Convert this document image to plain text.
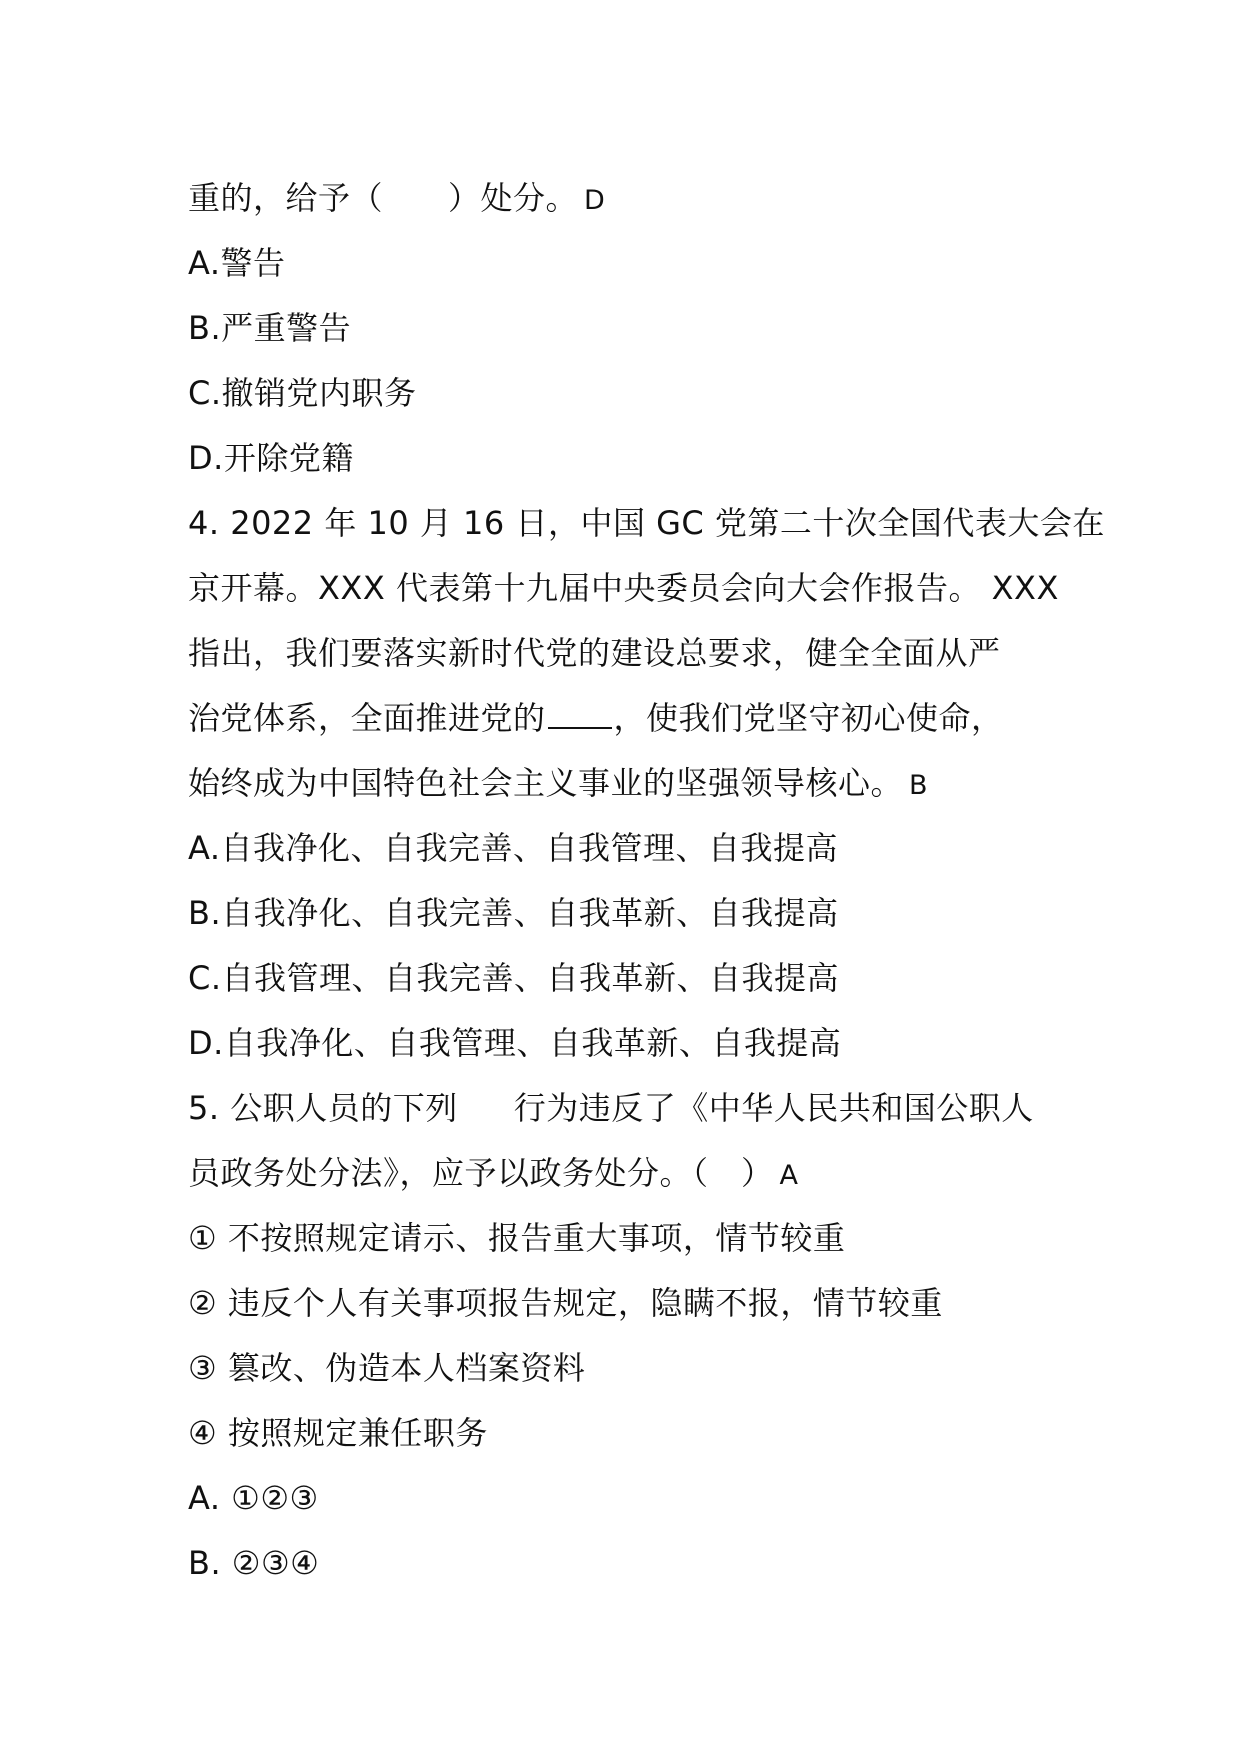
重的，给予（　　）处分。 D
A.警告
B.严重警告
C.撤销党内职务
D.开除党籍
4. 2022 年 10 月 16 日，中国 GC 党第二十次全国代表大会在
京开幕。XXX 代表第十九届中央委员会向大会作报告。 XXX
指出，我们要落实新时代党的建设总要求，健全全面从严
治党体系，全面推进党的 ，使我们党坚守初心使命，
始终成为中国特色社会主义事业的坚强领导核心。 B
A.自我净化、自我完善、自我管理、自我提高
B.自我净化、自我完善、自我革新、自我提高
C.自我管理、自我完善、自我革新、自我提高
D.自我净化、自我管理、自我革新、自我提高
5. 公职人员的下列 行为违反了《中华人民共和国公职人
员政务处分法》，应予以政务处分。（　） A
① 不按照规定请示、报告重大事项，情节较重
② 违反个人有关事项报告规定，隐瞒不报，情节较重
③ 篡改、伪造本人档案资料
④ 按照规定兼任职务
A. ①②③
B. ②③④
